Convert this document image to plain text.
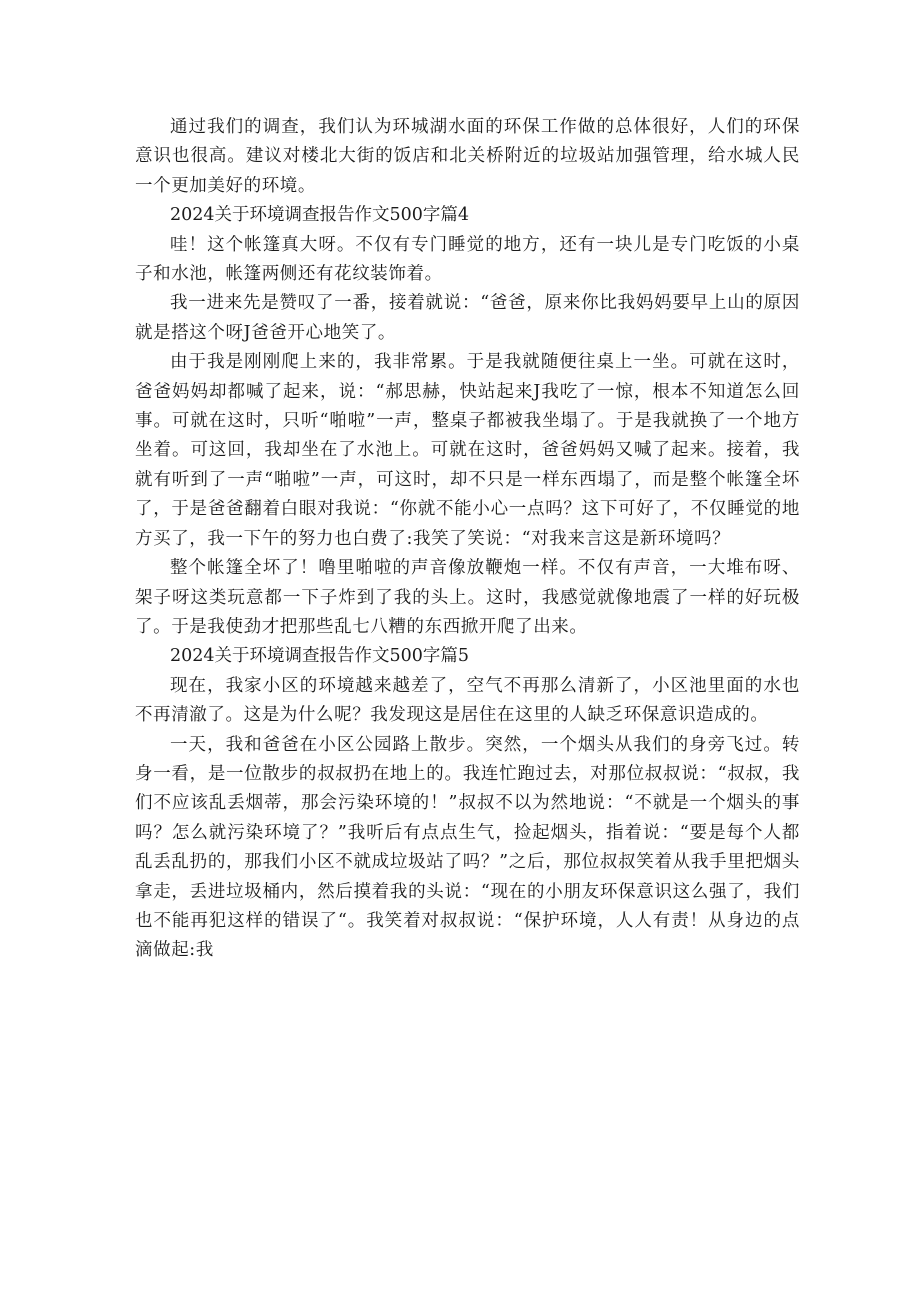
通过我们的调查，我们认为环城湖水面的环保工作做的总体很好，人们的环保意识也很高。建议对楼北大街的饭店和北关桥附近的垃圾站加强管理，给水城人民一个更加美好的环境。

2024关于环境调查报告作文500字篇4

哇！这个帐篷真大呀。不仅有专门睡觉的地方，还有一块儿是专门吃饭的小桌子和水池，帐篷两侧还有花纹装饰着。

我一进来先是赞叹了一番，接着就说：“爸爸，原来你比我妈妈要早上山的原因就是搭这个呀J爸爸开心地笑了。

由于我是刚刚爬上来的，我非常累。于是我就随便往桌上一坐。可就在这时，爸爸妈妈却都喊了起来，说：“郝思赫，快站起来J我吃了一惊，根本不知道怎么回事。可就在这时，只听“啪啦”一声，整桌子都被我坐塌了。于是我就换了一个地方坐着。可这回，我却坐在了水池上。可就在这时，爸爸妈妈又喊了起来。接着，我就有听到了一声“啪啦”一声，可这时，却不只是一样东西塌了，而是整个帐篷全坏了，于是爸爸翻着白眼对我说：“你就不能小心一点吗？这下可好了，不仅睡觉的地方买了，我一下午的努力也白费了:我笑了笑说：“对我来言这是新环境吗？

整个帐篷全坏了！噜里啪啦的声音像放鞭炮一样。不仅有声音，一大堆布呀、架子呀这类玩意都一下子炸到了我的头上。这时，我感觉就像地震了一样的好玩极了。于是我使劲才把那些乱七八糟的东西掀开爬了出来。

2024关于环境调查报告作文500字篇5

现在，我家小区的环境越来越差了，空气不再那么清新了，小区池里面的水也不再清澈了。这是为什么呢？我发现这是居住在这里的人缺乏环保意识造成的。

一天，我和爸爸在小区公园路上散步。突然，一个烟头从我们的身旁飞过。转身一看，是一位散步的叔叔扔在地上的。我连忙跑过去，对那位叔叔说：“叔叔，我们不应该乱丢烟蒂，那会污染环境的！”叔叔不以为然地说：“不就是一个烟头的事吗？怎么就污染环境了？”我听后有点点生气，捡起烟头，指着说：“要是每个人都乱丢乱扔的，那我们小区不就成垃圾站了吗？”之后，那位叔叔笑着从我手里把烟头拿走，丢进垃圾桶内，然后摸着我的头说：“现在的小朋友环保意识这么强了，我们也不能再犯这样的错误了“。我笑着对叔叔说：“保护环境，人人有责！从身边的点滴做起:我
